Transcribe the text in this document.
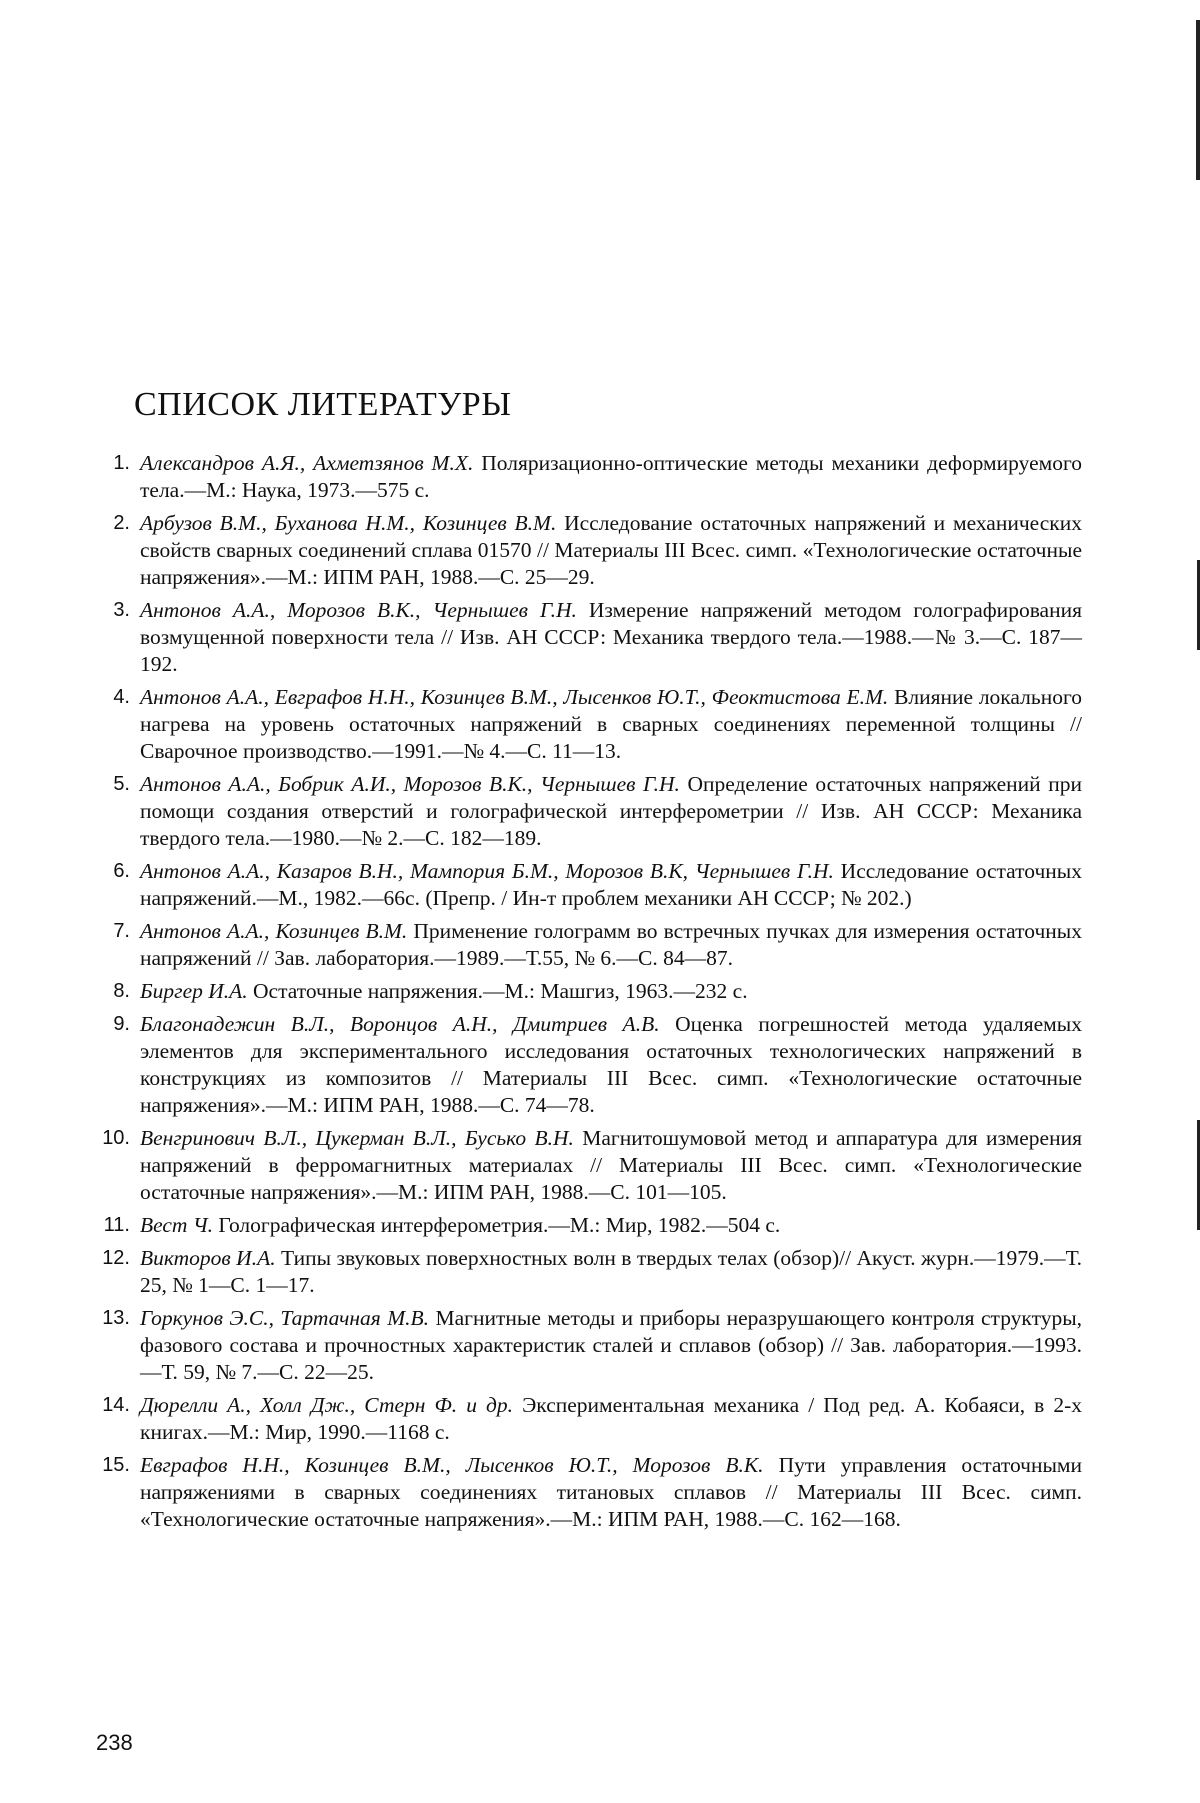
СПИСОК ЛИТЕРАТУРЫ
1. Александров А.Я., Ахметзянов М.Х. Поляризационно-оптические методы механики деформируемого тела.—М.: Наука, 1973.—575 с.
2. Арбузов В.М., Буханова Н.М., Козинцев В.М. Исследование остаточных напряжений и механических свойств сварных соединений сплава 01570 // Материалы III Всес. симп. «Технологические остаточные напряжения».—М.: ИПМ РАН, 1988.—С. 25—29.
3. Антонов А.А., Морозов В.К., Чернышев Г.Н. Измерение напряжений методом голографирования возмущенной поверхности тела // Изв. АН СССР: Механика твердого тела.—1988.—№ 3.—С. 187—192.
4. Антонов А.А., Евграфов Н.Н., Козинцев В.М., Лысенков Ю.Т., Феоктистова Е.М. Влияние локального нагрева на уровень остаточных напряжений в сварных соединениях переменной толщины // Сварочное производство.—1991.—№ 4.—С. 11—13.
5. Антонов А.А., Бобрик А.И., Морозов В.К., Чернышев Г.Н. Определение остаточных напряжений при помощи создания отверстий и голографической интерферометрии // Изв. АН СССР: Механика твердого тела.—1980.—№ 2.—С. 182—189.
6. Антонов А.А., Казаров В.Н., Мампория Б.М., Морозов В.К, Чернышев Г.Н. Исследование остаточных напряжений.—М., 1982.—66с. (Препр. / Ин-т проблем механики АН СССР; № 202.)
7. Антонов А.А., Козинцев В.М. Применение голограмм во встречных пучках для измерения остаточных напряжений // Зав. лаборатория.—1989.—Т.55, № 6.—С. 84—87.
8. Биргер И.А. Остаточные напряжения.—М.: Машгиз, 1963.—232 с.
9. Благонадежин В.Л., Воронцов А.Н., Дмитриев А.В. Оценка погрешностей метода удаляемых элементов для экспериментального исследования остаточных технологических напряжений в конструкциях из композитов // Материалы III Всес. симп. «Технологические остаточные напряжения».—М.: ИПМ РАН, 1988.—С. 74—78.
10. Венгринович В.Л., Цукерман В.Л., Бусько В.Н. Магнитошумовой метод и аппаратура для измерения напряжений в ферромагнитных материалах // Материалы III Всес. симп. «Технологические остаточные напряжения».—М.: ИПМ РАН, 1988.—С. 101—105.
11. Вест Ч. Голографическая интерферометрия.—М.: Мир, 1982.—504 с.
12. Викторов И.А. Типы звуковых поверхностных волн в твердых телах (обзор)// Акуст. журн.—1979.—Т. 25, № 1—С. 1—17.
13. Горкунов Э.С., Тартачная М.В. Магнитные методы и приборы неразрушающего контроля структуры, фазового состава и прочностных характеристик сталей и сплавов (обзор) // Зав. лаборатория.—1993.—Т. 59, № 7.—С. 22—25.
14. Дюрелли А., Холл Дж., Стерн Ф. и др. Экспериментальная механика / Под ред. А. Кобаяси, в 2-х книгах.—М.: Мир, 1990.—1168 с.
15. Евграфов Н.Н., Козинцев В.М., Лысенков Ю.Т., Морозов В.К. Пути управления остаточными напряжениями в сварных соединениях титановых сплавов // Материалы III Всес. симп. «Технологические остаточные напряжения».—М.: ИПМ РАН, 1988.—С. 162—168.
238
